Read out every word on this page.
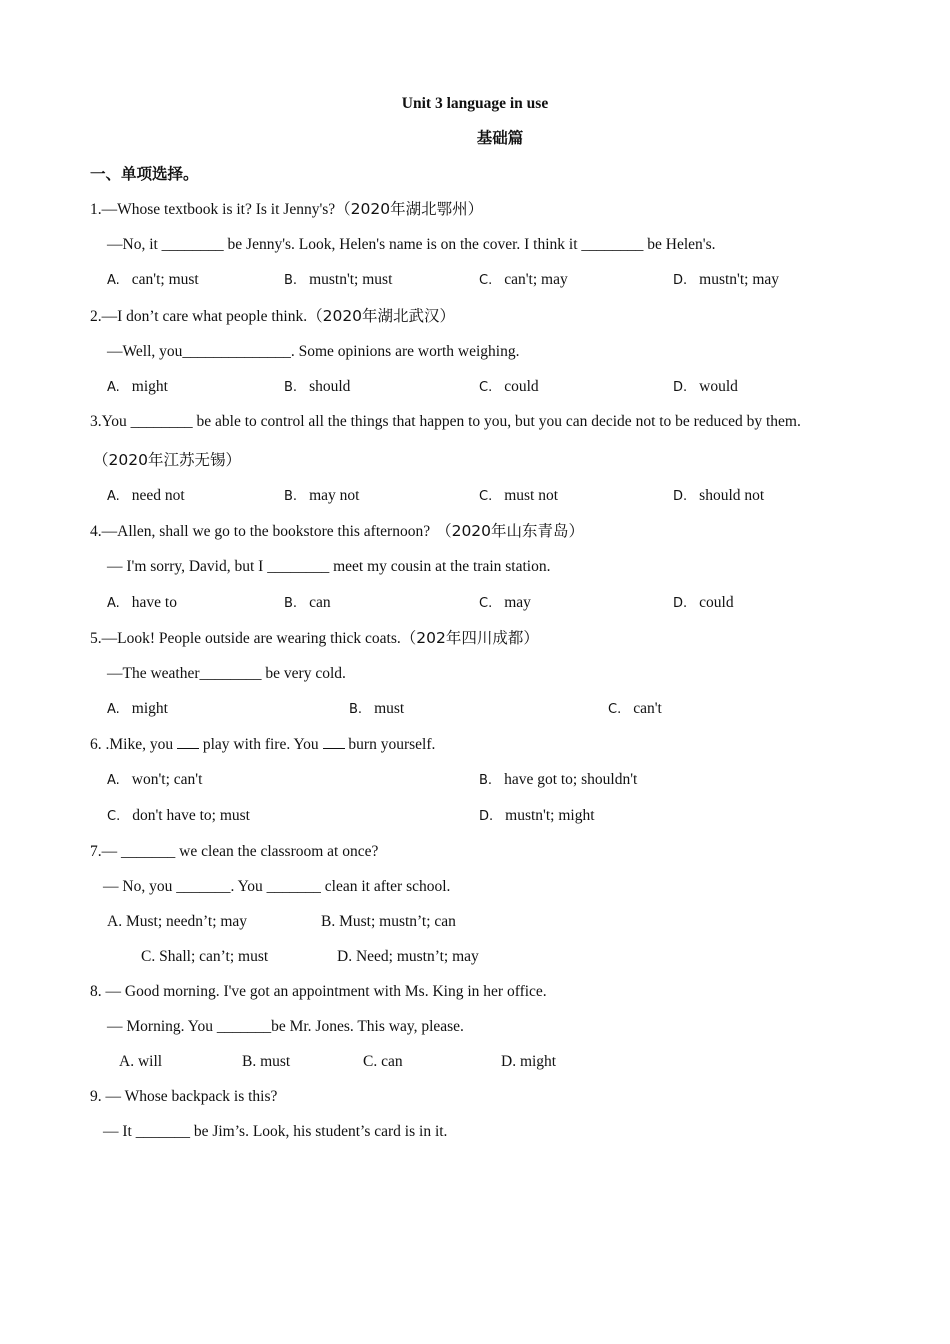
Unit 3 language in use
基础篇
一、单项选择。
1.—Whose textbook is it? Is it Jenny's?（2020年湖北鄂州）
—No, it ________ be Jenny's. Look, Helen's name is on the cover. I think it ________ be Helen's.
A. can't; must	B. mustn't; must	C. can't; may	D. mustn't; may
2.—I don’t care what people think.（2020年湖北武汉）
—Well, you______________. Some opinions are worth weighing.
A. might	B. should	C. could	D. would
3.You ________ be able to control all the things that happen to you, but you can decide not to be reduced by them.
（2020年江苏无锡）
A. need not	B. may not	C. must not	D. should not
4.—Allen, shall we go to the bookstore this afternoon? （2020年山东青岛）
— I'm sorry, David, but I ________ meet my cousin at the train station.
A. have to	B. can	C. may	D. could
5.—Look! People outside are wearing thick coats.（202年四川成都）
—The weather________ be very cold.
A. might	B. must	C. can't
6. .Mike, you play with fire. You burn yourself.
A. won't; can't	B. have got to; shouldn't
C. don't have to; must	D. mustn't; might
7.— _______ we clean the classroom at once?
— No, you _______. You _______ clean it after school.
A. Must; needn’t; may	B. Must; mustn’t; can
C. Shall; can’t; must	D. Need; mustn’t; may
8. — Good morning. I've got an appointment with Ms. King in her office.
— Morning. You _______be Mr. Jones. This way, please.
A. will	B. must	C. can	D. might
9. — Whose backpack is this?
— It _______ be Jim’s. Look, his student’s card is in it.
